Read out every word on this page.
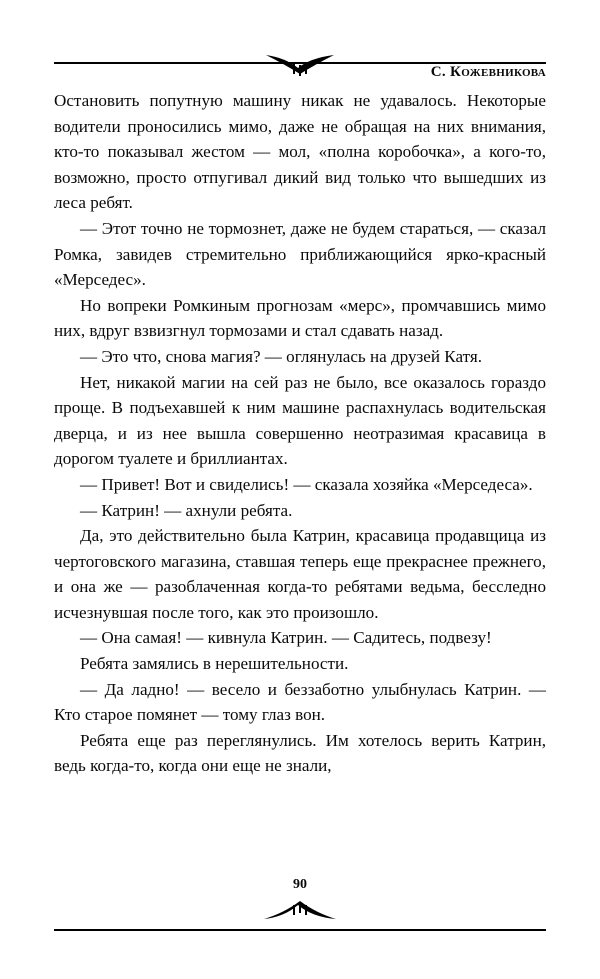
С. Кожевникова

Остановить попутную машину никак не удавалось. Некоторые водители проносились мимо, даже не обращая на них внимания, кто-то показывал жестом — мол, «полна коробочка», а кого-то, возможно, просто отпугивал дикий вид только что вышедших из леса ребят.

— Этот точно не тормознет, даже не будем стараться, — сказал Ромка, завидев стремительно приближающийся ярко-красный «Мерседес».

Но вопреки Ромкиным прогнозам «мерс», промчавшись мимо них, вдруг взвизгнул тормозами и стал сдавать назад.

— Это что, снова магия? — оглянулась на друзей Катя.

Нет, никакой магии на сей раз не было, все оказалось гораздо проще. В подъехавшей к ним машине распахнулась водительская дверца, и из нее вышла совершенно неотразимая красавица в дорогом туалете и бриллиантах.

— Привет! Вот и свиделись! — сказала хозяйка «Мерседеса».

— Катрин! — ахнули ребята.

Да, это действительно была Катрин, красавица продавщица из чертоговского магазина, ставшая теперь еще прекраснее прежнего, и она же — разоблаченная когда-то ребятами ведьма, бесследно исчезнувшая после того, как это произошло.

— Она самая! — кивнула Катрин. — Садитесь, подвезу!

Ребята замялись в нерешительности.

— Да ладно! — весело и беззаботно улыбнулась Катрин. — Кто старое помянет — тому глаз вон.

Ребята еще раз переглянулись. Им хотелось верить Катрин, ведь когда-то, когда они еще не знали,

90
